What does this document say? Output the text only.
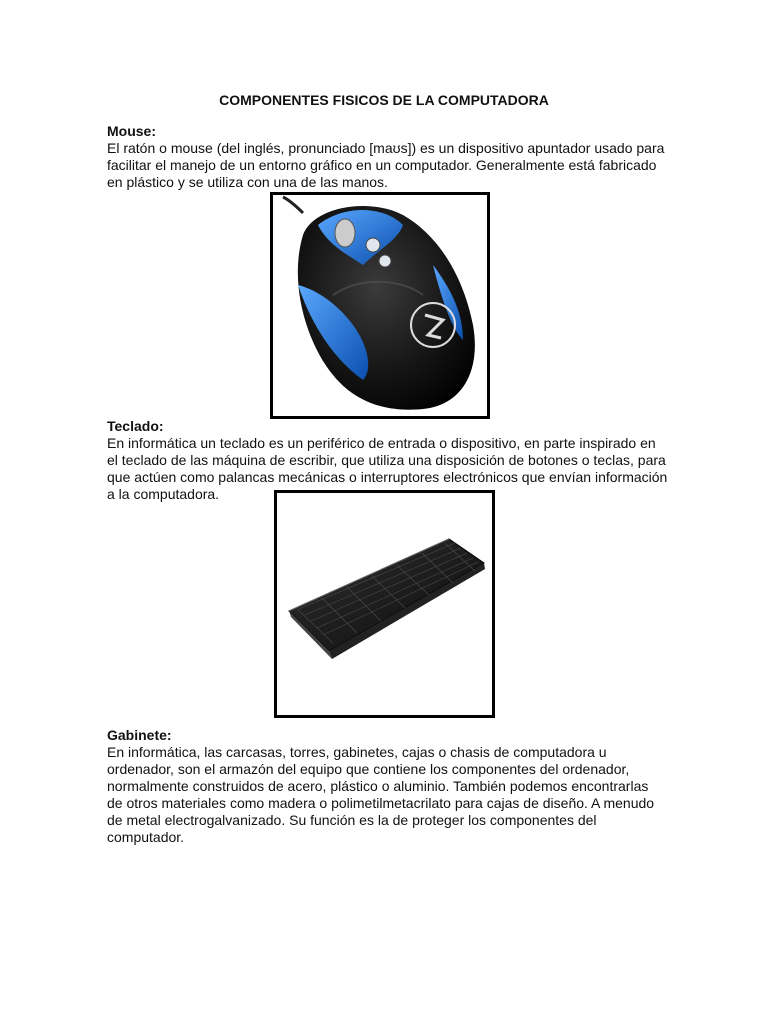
COMPONENTES FISICOS DE LA COMPUTADORA

Mouse:

El ratón o mouse (del inglés, pronunciado [maʊs]) es un dispositivo apuntador usado para
facilitar el manejo de un entorno gráfico en un computador. Generalmente está fabricado
en plástico y se utiliza con una de las manos.

Teclado:

En informática un teclado es un periférico de entrada o dispositivo, en parte inspirado en
el teclado de las máquina de escribir, que utiliza una disposición de botones o teclas, para
que actúen como palancas mecánicas o interruptores electrónicos que envían información
a la computadora.

Gabinete:

En informática, las carcasas, torres, gabinetes, cajas o chasis de computadora u
ordenador, son el armazón del equipo que contiene los componentes del ordenador,
normalmente construidos de acero, plástico o aluminio. También podemos encontrarlas
de otros materiales como madera o polimetilmetacrilato para cajas de diseño. A menudo
de metal electrogalvanizado. Su función es la de proteger los componentes del
computador.
